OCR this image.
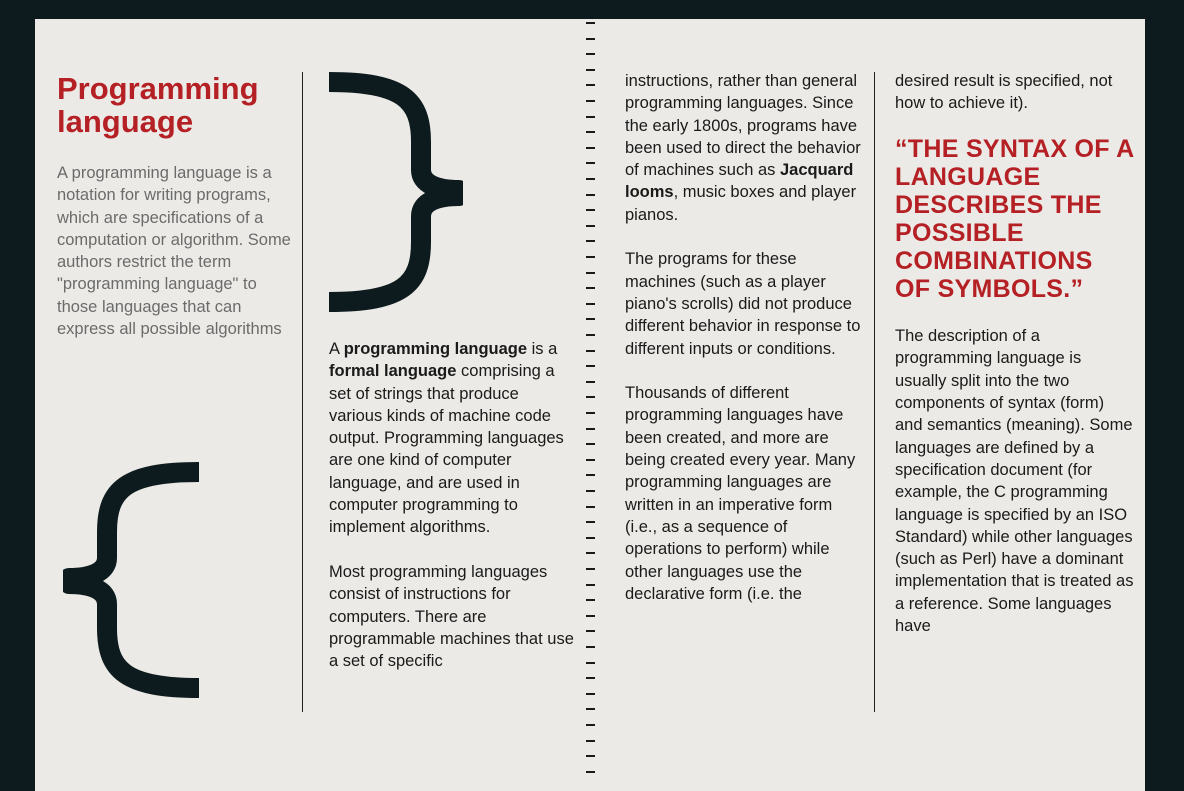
Programming language

A programming language is a notation for writing programs, which are specifications of a computation or algorithm. Some authors restrict the term "programming language" to those languages that can express all possible algorithms

A programming language is a formal language comprising a set of strings that produce various kinds of machine code output. Programming languages are one kind of computer language, and are used in computer programming to implement algorithms.

Most programming languages consist of instructions for computers. There are programmable machines that use a set of specific

instructions, rather than general programming languages. Since the early 1800s, programs have been used to direct the behavior of machines such as Jacquard looms, music boxes and player pianos.

The programs for these machines (such as a player piano's scrolls) did not produce different behavior in response to different inputs or conditions.

Thousands of different programming languages have been created, and more are being created every year. Many programming languages are written in an imperative form (i.e., as a sequence of operations to perform) while other languages use the declarative form (i.e. the

desired result is specified, not how to achieve it).

“THE SYNTAX OF A LANGUAGE DESCRIBES THE POSSIBLE COMBINATIONS OF SYMBOLS.”

The description of a programming language is usually split into the two components of syntax (form) and semantics (meaning). Some languages are defined by a specification document (for example, the C programming language is specified by an ISO Standard) while other languages (such as Perl) have a dominant implementation that is treated as a reference. Some languages have
